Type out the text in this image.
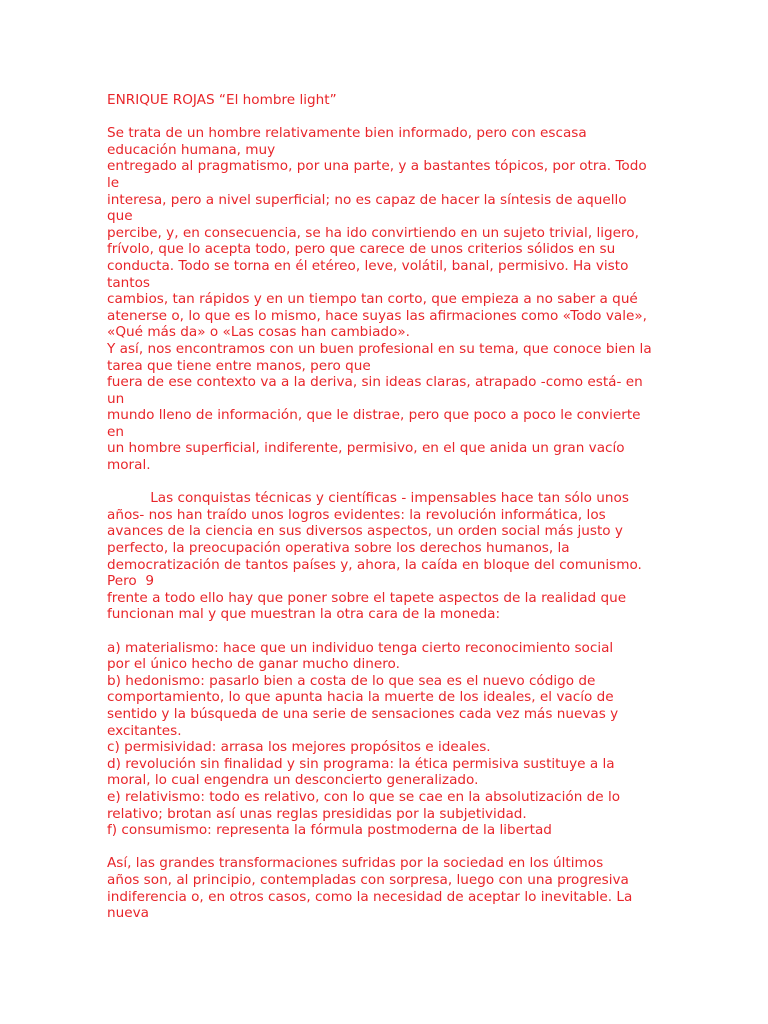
ENRIQUE ROJAS “El hombre light”
Se trata de un hombre relativamente bien informado, pero con escasa
educación humana, muy
entregado al pragmatismo, por una parte, y a bastantes tópicos, por otra. Todo
le
interesa, pero a nivel superficial; no es capaz de hacer la síntesis de aquello
que
percibe, y, en consecuencia, se ha ido convirtiendo en un sujeto trivial, ligero,
frívolo, que lo acepta todo, pero que carece de unos criterios sólidos en su
conducta. Todo se torna en él etéreo, leve, volátil, banal, permisivo. Ha visto
tantos
cambios, tan rápidos y en un tiempo tan corto, que empieza a no saber a qué
atenerse o, lo que es lo mismo, hace suyas las afirmaciones como «Todo vale»,
«Qué más da» o «Las cosas han cambiado».
Y así, nos encontramos con un buen profesional en su tema, que conoce bien la
tarea que tiene entre manos, pero que
fuera de ese contexto va a la deriva, sin ideas claras, atrapado -como está- en
un
mundo lleno de información, que le distrae, pero que poco a poco le convierte
en
un hombre superficial, indiferente, permisivo, en el que anida un gran vacío
moral.
Las conquistas técnicas y científicas - impensables hace tan sólo unos
años- nos han traído unos logros evidentes: la revolución informática, los
avances de la ciencia en sus diversos aspectos, un orden social más justo y
perfecto, la preocupación operativa sobre los derechos humanos, la
democratización de tantos países y, ahora, la caída en bloque del comunismo.
Pero  9
frente a todo ello hay que poner sobre el tapete aspectos de la realidad que
funcionan mal y que muestran la otra cara de la moneda:
a) materialismo: hace que un individuo tenga cierto reconocimiento social
por el único hecho de ganar mucho dinero.
b) hedonismo: pasarlo bien a costa de lo que sea es el nuevo código de
comportamiento, lo que apunta hacia la muerte de los ideales, el vacío de
sentido y la búsqueda de una serie de sensaciones cada vez más nuevas y
excitantes.
c) permisividad: arrasa los mejores propósitos e ideales.
d) revolución sin finalidad y sin programa: la ética permisiva sustituye a la
moral, lo cual engendra un desconcierto generalizado.
e) relativismo: todo es relativo, con lo que se cae en la absolutización de lo
relativo; brotan así unas reglas presididas por la subjetividad.
f) consumismo: representa la fórmula postmoderna de la libertad
Así, las grandes transformaciones sufridas por la sociedad en los últimos
años son, al principio, contempladas con sorpresa, luego con una progresiva
indiferencia o, en otros casos, como la necesidad de aceptar lo inevitable. La
nueva
